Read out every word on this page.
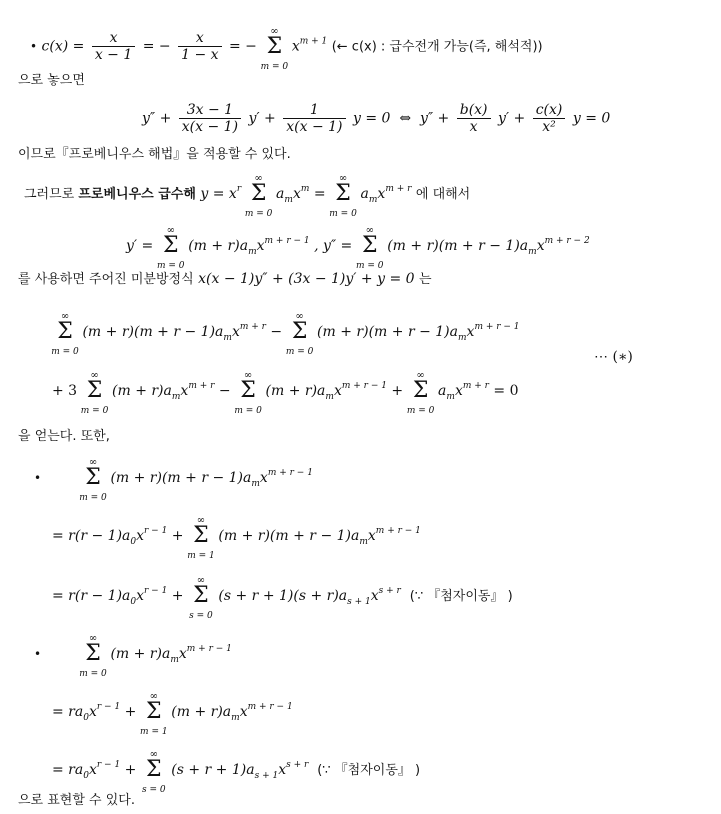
• $c(x) = \frac{x}{x - 1}$ = − $\frac{x}{1 - x}$ = −
∞
Σ
m = 0
$x^{m + 1}$ (← c(x) : 급수전개 가능(즉, 해석적))
으로 놓으면
$y'' + \frac{3x - 1}{x(x - 1)} y' + \frac{1}{x(x - 1)}$ y = 0 ⇔ $y'' + \frac{b(x)}{x} y' + \frac{c(x)}{\text{x²}}$ y = 0
이므로『프로베니우스 해법』을 적용할 수 있다.
그러므로 프로베니우스 급수해 $y = x^r$
∞
Σ
m = 0
$a_mx^m$ =
∞
Σ
m = 0
$a_mx^{m + r}$ 에 대해서
y′ =
∞
Σ
m = 0
$(m + r)a_mx^{m + r - 1}$ , y″ =
∞
Σ
m = 0
$(m + r)(m + r - 1)a_mx^{m + r - 2}$
를 사용하면 주어진 미분방정식 x(x − 1)y″ + (3x − 1)y′ + y = 0 는
∞
Σ
m = 0
$(m + r)(m + r - 1)a_mx^{m + r}$ −
∞
Σ
m = 0
$(m + r)(m + r - 1)a_mx^{m + r - 1}$
⋯ (∗)
+ 3
∞
Σ
m = 0
$(m + r)a_mx^{m + r}$ −
∞
Σ
m = 0
$(m + r)a_mx^{m + r - 1}$ +
∞
Σ
m = 0
$a_mx^{m + r} = 0$
을 얻는다. 또한,
•
∞
Σ
m = 0
$(m + r)(m + r - 1)a_mx^{m + r - 1}$
= $r(r - 1)a_0x^{r - 1}$ +
∞
Σ
m = 1
$(m + r)(m + r - 1)a_mx^{m + r - 1}$
= $r(r - 1)a_0x^{r - 1}$ +
∞
Σ
s = 0
$(s + r + 1)(s + r)a_{s + 1}x^{s + r}$ (∵ 『첨자이동』 )
•
∞
Σ
m = 0
$(m + r)a_mx^{m + r - 1}$
= $ra_0x^{r - 1}$ +
∞
Σ
m = 1
$(m + r)a_mx^{m + r - 1}$
= $ra_0x^{r - 1}$ +
∞
Σ
s = 0
$(s + r + 1)a_{s + 1}x^{s + r}$ (∵ 『첨자이동』 )
으로 표현할 수 있다.
